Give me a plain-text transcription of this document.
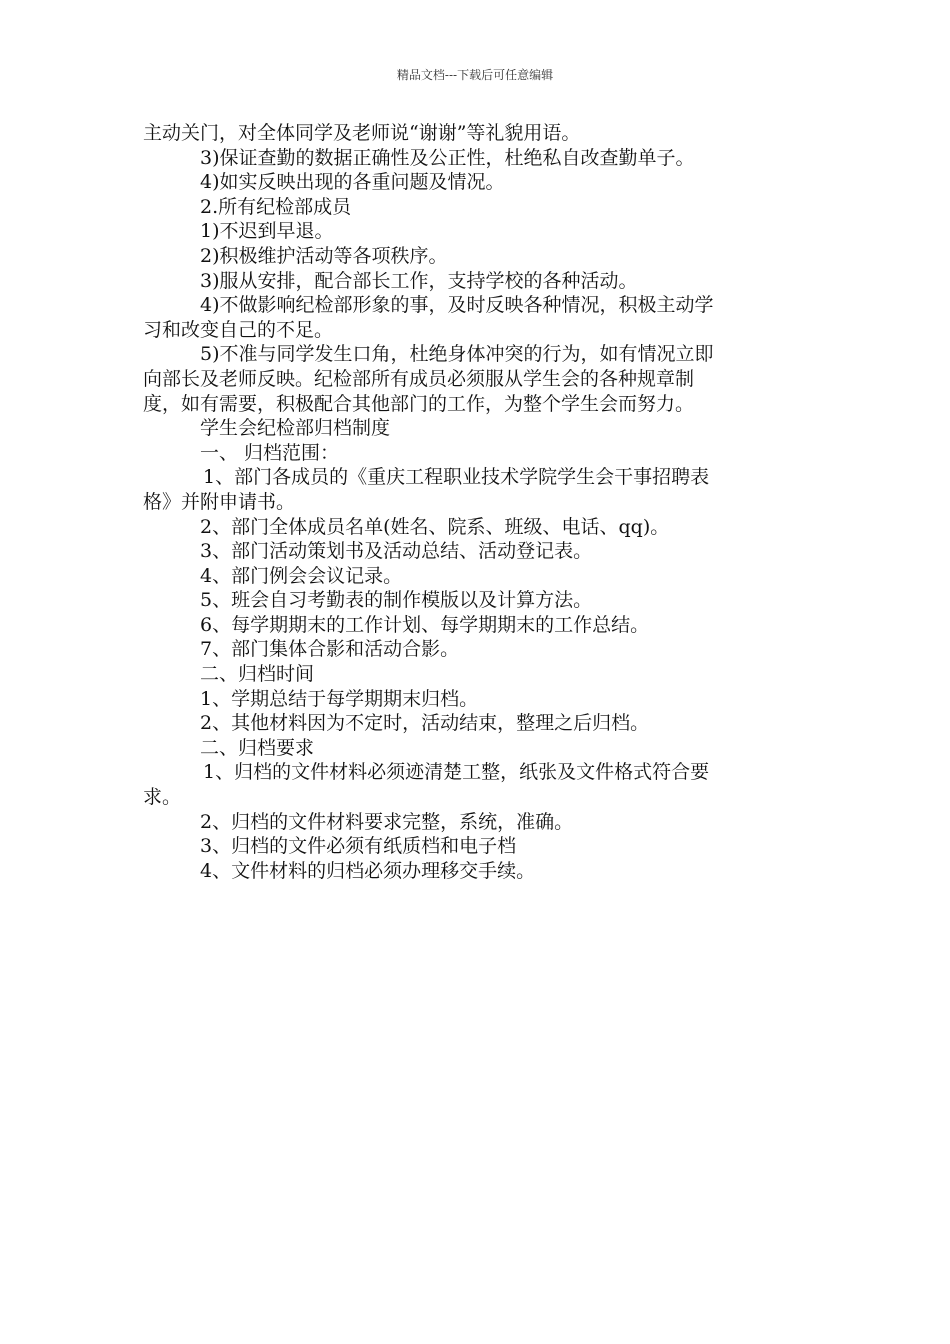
精品文档---下载后可任意编辑

主动关门，对全体同学及老师说“谢谢”等礼貌用语。

3)保证查勤的数据正确性及公正性，杜绝私自改查勤单子。

4)如实反映出现的各重问题及情况。

2.所有纪检部成员

1)不迟到早退。

2)积极维护活动等各项秩序。

3)服从安排，配合部长工作，支持学校的各种活动。

4)不做影响纪检部形象的事，及时反映各种情况，积极主动学

习和改变自己的不足。

5)不准与同学发生口角，杜绝身体冲突的行为，如有情况立即

向部长及老师反映。纪检部所有成员必须服从学生会的各种规章制

度，如有需要，积极配合其他部门的工作，为整个学生会而努力。

学生会纪检部归档制度

一、 归档范围：

1、部门各成员的《重庆工程职业技术学院学生会干事招聘表

格》并附申请书。

2、部门全体成员名单(姓名、院系、班级、电话、qq)。

3、部门活动策划书及活动总结、活动登记表。

4、部门例会会议记录。

5、班会自习考勤表的制作模版以及计算方法。

6、每学期期末的工作计划、每学期期末的工作总结。

7、部门集体合影和活动合影。

二、归档时间

1、学期总结于每学期期末归档。

2、其他材料因为不定时，活动结束，整理之后归档。

二、归档要求

1、归档的文件材料必须迹清楚工整，纸张及文件格式符合要

求。

2、归档的文件材料要求完整，系统，准确。

3、归档的文件必须有纸质档和电子档

4、文件材料的归档必须办理移交手续。
